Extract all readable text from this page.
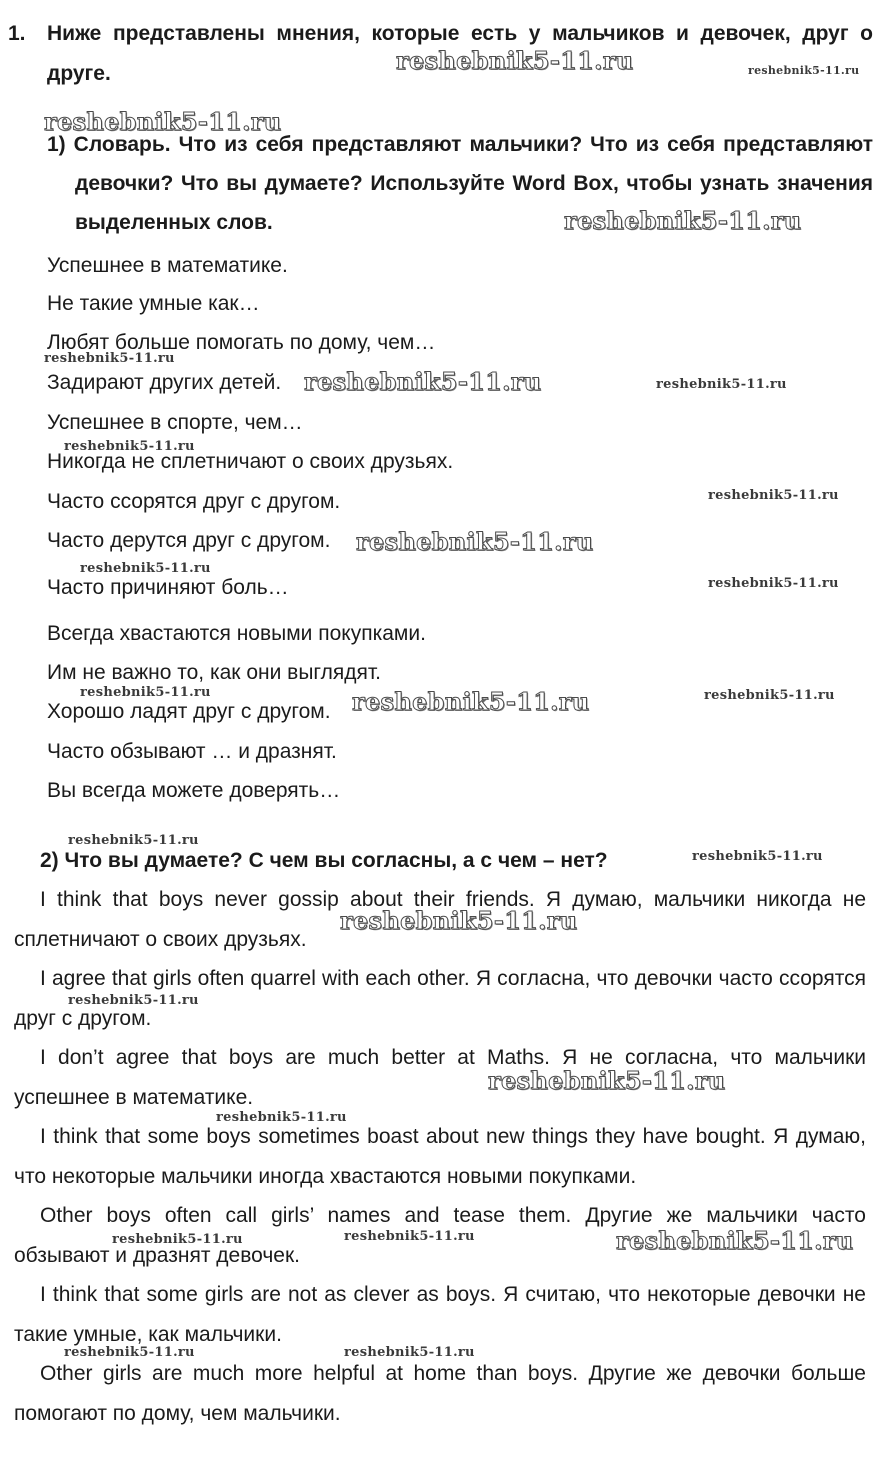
1. Ниже представлены мнения, которые есть у мальчиков и девочек, друг о друге.
1) Словарь. Что из себя представляют мальчики? Что из себя представляют девочки? Что вы думаете? Используйте Word Box, чтобы узнать значения выделенных слов.
Успешнее в математике.
Не такие умные как…
Любят больше помогать по дому, чем…
Задирают других детей.
Успешнее в спорте, чем…
Никогда не сплетничают о своих друзьях.
Часто ссорятся друг с другом.
Часто дерутся друг с другом.
Часто причиняют боль…
Всегда хвастаются новыми покупками.
Им не важно то, как они выглядят.
Хорошо ладят друг с другом.
Часто обзывают … и дразнят.
Вы всегда можете доверять…
2) Что вы думаете? С чем вы согласны, а с чем – нет?

I think that boys never gossip about their friends. Я думаю, мальчики никогда не сплетничают о своих друзьях.

I agree that girls often quarrel with each other. Я согласна, что девочки часто ссорятся друг с другом.

I don’t agree that boys are much better at Maths. Я не согласна, что мальчики успешнее в математике.

I think that some boys sometimes boast about new things they have bought. Я думаю, что некоторые мальчики иногда хвастаются новыми покупками.

Other boys often call girls’ names and tease them. Другие же мальчики часто обзывают и дразнят девочек.

I think that some girls are not as clever as boys. Я считаю, что некоторые девочки не такие умные, как мальчики.

Other girls are much more helpful at home than boys. Другие же девочки больше помогают по дому, чем мальчики.

reshebnik5-11.ru	reshebnik5-11.ru
reshebnik5-11.ru
reshebnik5-11.ru
reshebnik5-11.ru
reshebnik5-11.ru	reshebnik5-11.ru
reshebnik5-11.ru
reshebnik5-11.ru
reshebnik5-11.ru
reshebnik5-11.ru
reshebnik5-11.ru
reshebnik5-11.ru	reshebnik5-11.ru	reshebnik5-11.ru
reshebnik5-11.ru
reshebnik5-11.ru
reshebnik5-11.ru
reshebnik5-11.ru
reshebnik5-11.ru
reshebnik5-11.ru
reshebnik5-11.ru	reshebnik5-11.ru	reshebnik5-11.ru
reshebnik5-11.ru	reshebnik5-11.ru
